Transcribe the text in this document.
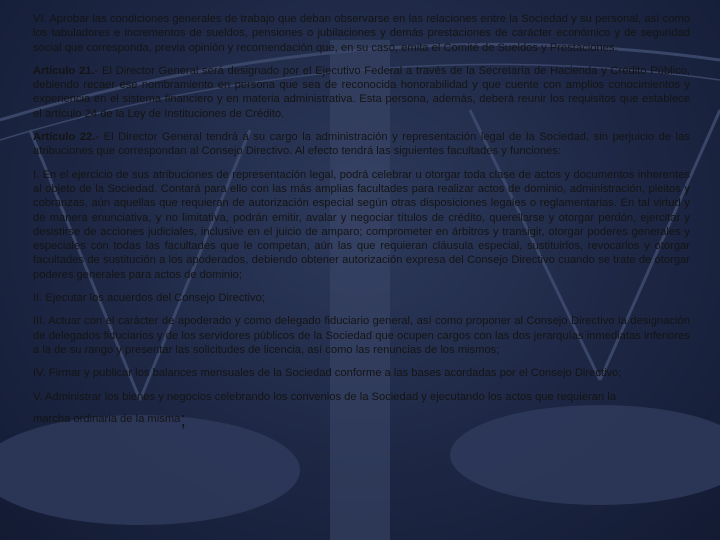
VI. Aprobar las condiciones generales de trabajo que deban observarse en las relaciones entre la Sociedad y su personal, así como los tabuladores e incrementos de sueldos, pensiones o jubilaciones y demás prestaciones de carácter económico y de seguridad social que corresponda, previa opinión y recomendación que, en su caso, emita el Comité de Sueldos y Prestaciones.

Artículo 21.- El Director General será designado por el Ejecutivo Federal a través de la Secretaría de Hacienda y Crédito Público, debiendo recaer ese nombramiento en persona que sea de reconocida honorabilidad y que cuente con amplios conocimientos y experiencia en el sistema financiero y en materia administrativa. Esta persona, además, deberá reunir los requisitos que establece el artículo 24 de la Ley de Instituciones de Crédito.

Artículo 22.- El Director General tendrá a su cargo la administración y representación legal de la Sociedad, sin perjuicio de las atribuciones que correspondan al Consejo Directivo. Al efecto tendrá las siguientes facultades y funciones:

I. En el ejercicio de sus atribuciones de representación legal, podrá celebrar u otorgar toda clase de actos y documentos inherentes al objeto de la Sociedad. Contará para ello con las más amplias facultades para realizar actos de dominio, administración, pleitos y cobranzas, aún aquellas que requieran de autorización especial según otras disposiciones legales o reglamentarias. En tal virtud y de manera enunciativa, y no limitativa, podrán emitir, avalar y negociar títulos de crédito, querellarse y otorgar perdón, ejercitar y desistirse de acciones judiciales, inclusive en el juicio de amparo; comprometer en árbitros y transigir, otorgar poderes generales y especiales con todas las facultades que le competan, aún las que requieran cláusula especial, sustituirlos, revocarlos y otorgar facultades de sustitución a los apoderados, debiendo obtener autorización expresa del Consejo Directivo cuando se trate de otorgar poderes generales para actos de dominio;

II. Ejecutar los acuerdos del Consejo Directivo;

III. Actuar con el carácter de apoderado y como delegado fiduciario general, así como proponer al Consejo Directivo la designación de delegados fiduciarios y de los servidores públicos de la Sociedad que ocupen cargos con las dos jerarquías inmediatas inferiores a la de su rango y presentar las solicitudes de licencia, así como las renuncias de los mismos;

IV. Firmar y publicar los balances mensuales de la Sociedad conforme a las bases acordadas por el Consejo Directivo;

V. Administrar los bienes y negocios celebrando los convenios de la Sociedad y ejecutando los actos que requieran la
marcha ordinaria de la misma;
